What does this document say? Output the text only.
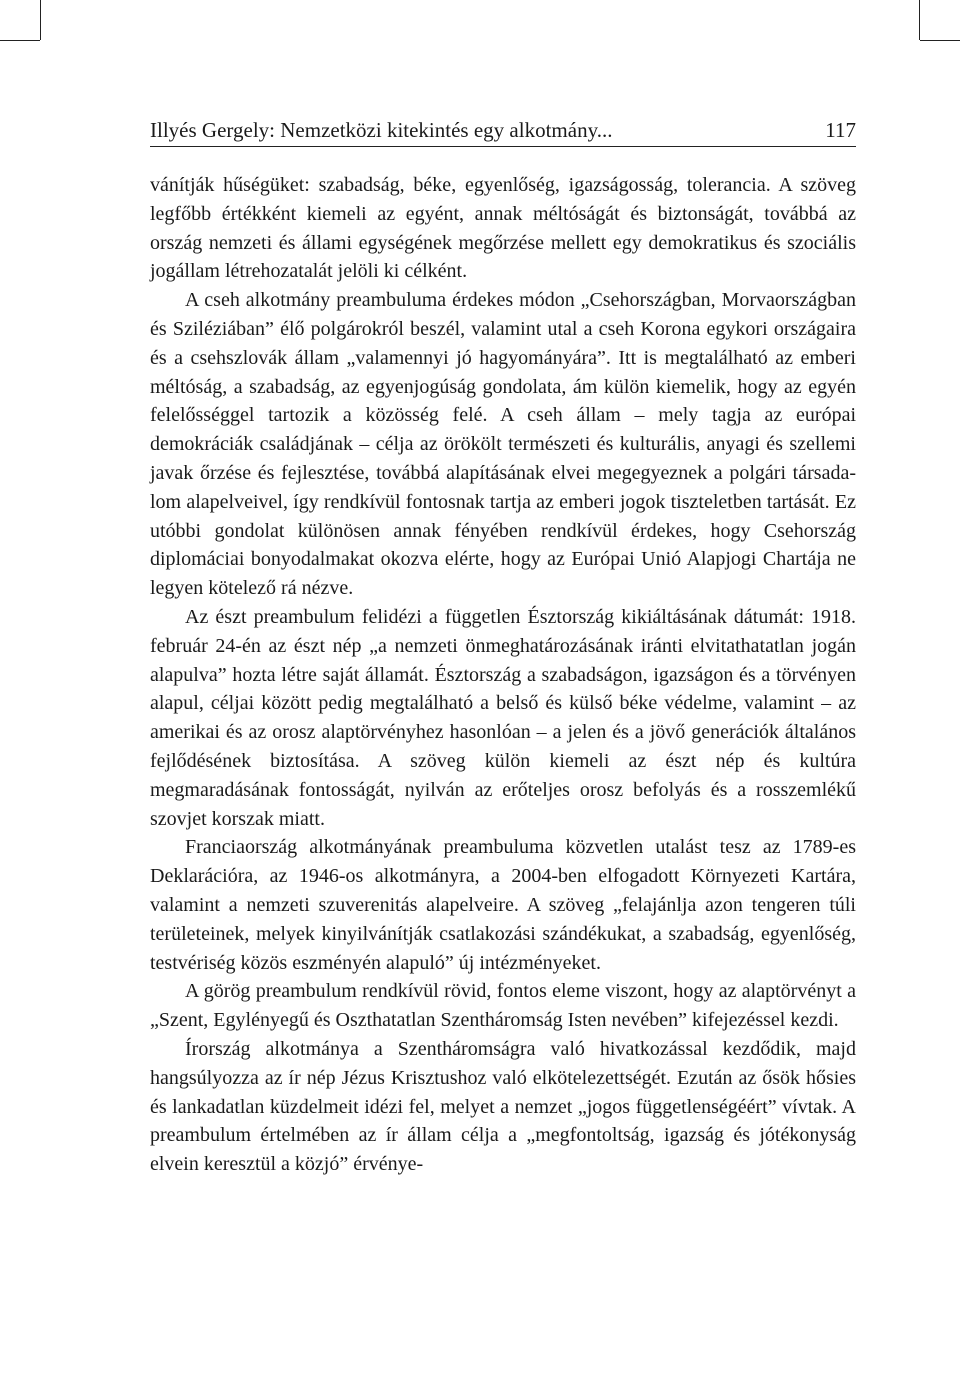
Illyés Gergely: Nemzetközi kitekintés egy alkotmány...	117

vánítják hűségüket: szabadság, béke, egyenlőség, igazságosság, tolerancia. A szöveg legfőbb értékként kiemeli az egyént, annak méltóságát és biztonságát, továbbá az ország nemzeti és állami egységének megőrzése mellett egy demokratikus és szociális jogállam létrehozatalát jelöli ki célként.

A cseh alkotmány preambuluma érdekes módon „Csehországban, Morvaországban és Sziléziában” élő polgárokról beszél, valamint utal a cseh Korona egykori országaira és a csehszlovák állam „valamennyi jó hagyományára”. Itt is megtalálható az emberi méltóság, a szabadság, az egyenjogúság gondolata, ám külön kiemelik, hogy az egyén felelősséggel tartozik a közösség felé. A cseh állam – mely tagja az európai demokráciák családjának – célja az örökölt természeti és kulturális, anyagi és szellemi javak őrzése és fejlesztése, továbbá alapításának elvei megegyeznek a polgári társadalom alapelveivel, így rendkívül fontosnak tartja az emberi jogok tiszteletben tartását. Ez utóbbi gondolat különösen annak fényében rendkívül érdekes, hogy Csehország diplomáciai bonyodalmakat okozva elérte, hogy az Európai Unió Alapjogi Chartája ne legyen kötelező rá nézve.

Az észt preambulum felidézi a független Észtország kikiáltásának dátumát: 1918. február 24-én az észt nép „a nemzeti önmeghatározásának iránti elvitathatatlan jogán alapulva” hozta létre saját államát. Észtország a szabadságon, igazságon és a törvényen alapul, céljai között pedig megtalálható a belső és külső béke védelme, valamint – az amerikai és az orosz alaptörvényhez hasonlóan – a jelen és a jövő generációk általános fejlődésének biztosítása. A szöveg külön kiemeli az észt nép és kultúra megmaradásának fontosságát, nyilván az erőteljes orosz befolyás és a rosszemlékű szovjet korszak miatt.

Franciaország alkotmányának preambuluma közvetlen utalást tesz az 1789-es Deklarációra, az 1946-os alkotmányra, a 2004-ben elfogadott Környezeti Kartára, valamint a nemzeti szuverenitás alapelveire. A szöveg „felajánlja azon tengeren túli területeinek, melyek kinyilvánítják csatlakozási szándékukat, a szabadság, egyenlőség, testvériség közös eszményén alapuló” új intézményeket.

A görög preambulum rendkívül rövid, fontos eleme viszont, hogy az alaptörvényt a „Szent, Egylényegű és Oszthatatlan Szentháromság Isten nevében” kifejezéssel kezdi.

Írország alkotmánya a Szentháromságra való hivatkozással kezdődik, majd hangsúlyozza az ír nép Jézus Krisztushoz való elkötelezettségét. Ezután az ősök hősies és lankadatlan küzdelmeit idézi fel, melyet a nemzet „jogos függetlenségéért” vívtak. A preambulum értelmében az ír állam célja a „megfontoltság, igazság és jótékonyság elvein keresztül a közjó” érvénye-
